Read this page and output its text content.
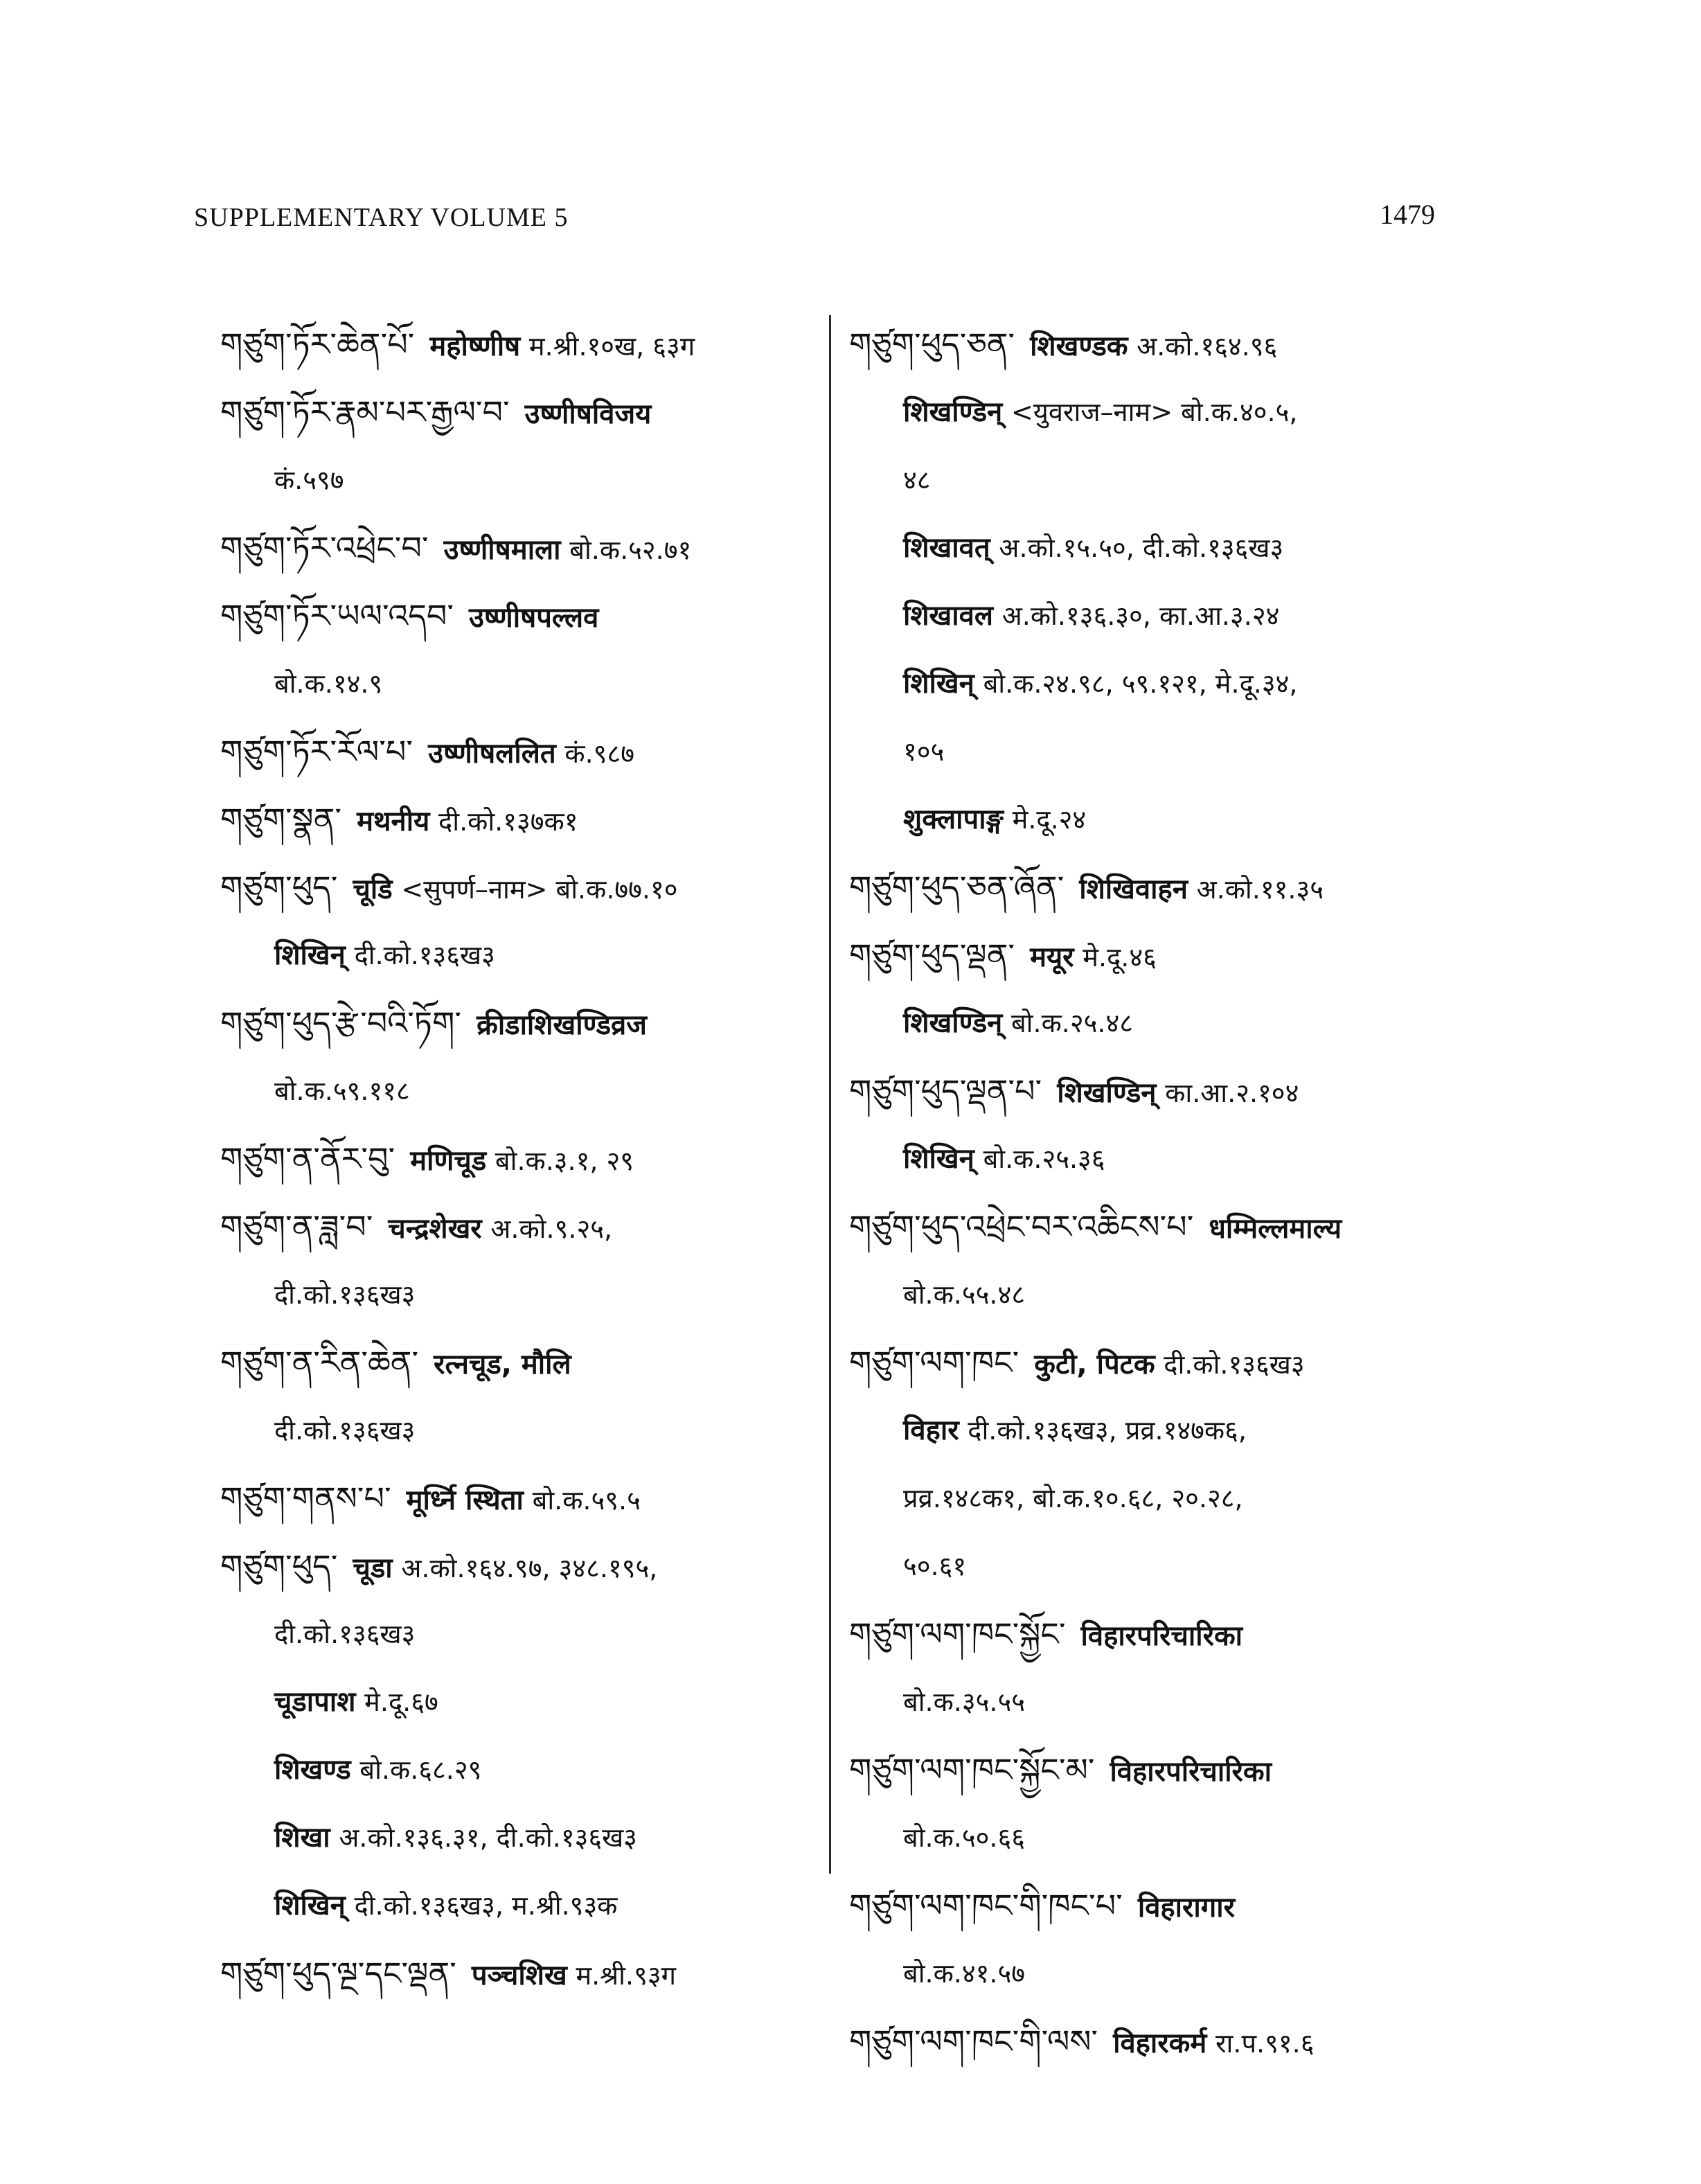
SUPPLEMENTARY VOLUME 5	1479
གཙུག་ཏོར་ཆེན་པོ་ महोष्णीष म.श्री.१०ख, ६३ग
གཙུག་ཏོར་རྣམ་པར་རྒྱལ་བ་ उष्णीषविजय
कं.५९७
གཙུག་ཏོར་འཕྲེང་བ་ उष्णीषमाला बो.क.५२.७१
གཙུག་ཏོར་ཡལ་འདབ་ उष्णीषपल्लव
बो.क.१४.९
གཙུག་ཏོར་རོལ་པ་ उष्णीषललित कं.९८७
གཙུག་སྣན་ मथनीय दी.को.१३७क१
གཙུག་ཕུད་ चूडि <सुपर्ण–नाम> बो.क.७७.१०
शिखिन् दी.को.१३६ख३
གཙུག་ཕུད་རྩེ་བའི་ཏོག་ क्रीडाशिखण्डिव्रज
बो.क.५९.११८
གཙུག་ན་ནོར་བུ་ मणिचूड बो.क.३.१, २९
གཙུག་ན་ཟླ་བ་ चन्द्रशेखर अ.को.९.२५,
दी.को.१३६ख३
གཙུག་ན་རིན་ཆེན་ रत्नचूड, मौलि
दी.को.१३६ख३
གཙུག་གནས་པ་ मूर्ध्नि स्थिता बो.क.५९.५
གཙུག་ཕུད་ चूडा अ.को.१६४.९७, ३४८.१९५,
दी.को.१३६ख३
चूडापाश मे.दू.६७
शिखण्ड बो.क.६८.२९
शिखा अ.को.१३६.३१, दी.को.१३६ख३
शिखिन् दी.को.१३६ख३, म.श्री.९३क
གཙུག་ཕུད་ལྔ་དང་ལྡན་ पञ्चशिख म.श्री.९३ग
གཙུག་ཕུད་ཅན་ शिखण्डक अ.को.१६४.९६
शिखण्डिन् <युवराज–नाम> बो.क.४०.५,
४८
शिखावत् अ.को.१५.५०, दी.को.१३६ख३
शिखावल अ.को.१३६.३०, का.आ.३.२४
शिखिन् बो.क.२४.९८, ५९.१२१, मे.दू.३४,
१०५
शुक्लापाङ्ग मे.दू.२४
གཙུག་ཕུད་ཅན་ཞོན་ शिखिवाहन अ.को.११.३५
གཙུག་ཕུད་ལྡན་ मयूर मे.दू.४६
शिखण्डिन् बो.क.२५.४८
གཙུག་ཕུད་ལྡན་པ་ शिखण्डिन् का.आ.२.१०४
शिखिन् बो.क.२५.३६
གཙུག་ཕུད་འཕྲེང་བར་འཆིངས་པ་ धम्मिल्लमाल्य
बो.क.५५.४८
གཙུག་ལག་ཁང་ कुटी, पिटक दी.को.१३६ख३
विहार दी.को.१३६ख३, प्रव्र.१४७क६,
प्रव्र.१४८क१, बो.क.१०.६८, २०.२८,
५०.६१
གཙུག་ལག་ཁང་སྐྱོང་ विहारपरिचारिका
बो.क.३५.५५
གཙུག་ལག་ཁང་སྐྱོང་མ་ विहारपरिचारिका
बो.क.५०.६६
གཙུག་ལག་ཁང་གི་ཁང་པ་ विहारागार
बो.क.४१.५७
གཙུག་ལག་ཁང་གི་ལས་ विहारकर्म रा.प.९१.६
